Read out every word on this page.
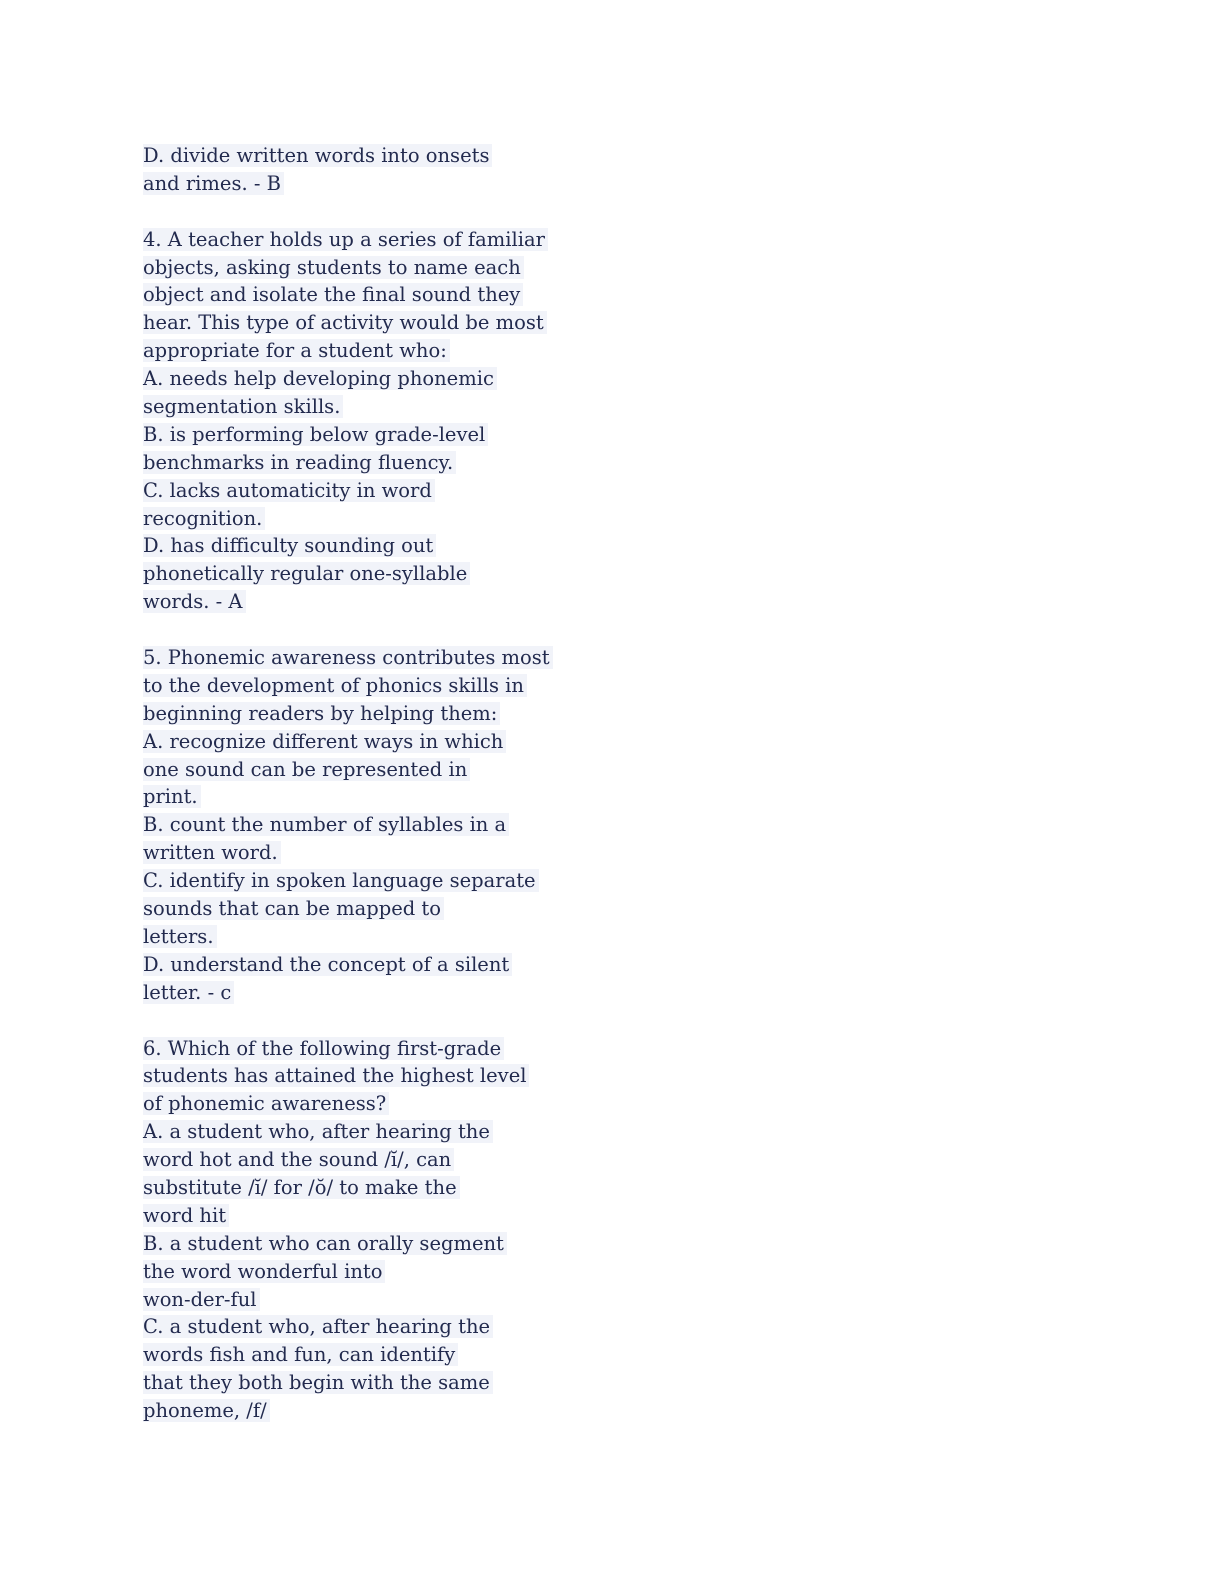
D. divide written words into onsets
and rimes. - B
4. A teacher holds up a series of familiar
objects, asking students to name each
object and isolate the final sound they
hear. This type of activity would be most
appropriate for a student who:
A. needs help developing phonemic
segmentation skills.
B. is performing below grade-level
benchmarks in reading fluency.
C. lacks automaticity in word
recognition.
D. has difficulty sounding out
phonetically regular one-syllable
words. - A
5. Phonemic awareness contributes most
to the development of phonics skills in
beginning readers by helping them:
A. recognize different ways in which
one sound can be represented in
print.
B. count the number of syllables in a
written word.
C. identify in spoken language separate
sounds that can be mapped to
letters.
D. understand the concept of a silent
letter. - c
6. Which of the following first-grade
students has attained the highest level
of phonemic awareness?
A. a student who, after hearing the
word hot and the sound /ĭ/, can
substitute /ĭ/ for /ŏ/ to make the
word hit
B. a student who can orally segment
the word wonderful into
won-der-ful
C. a student who, after hearing the
words fish and fun, can identify
that they both begin with the same
phoneme, /f/
